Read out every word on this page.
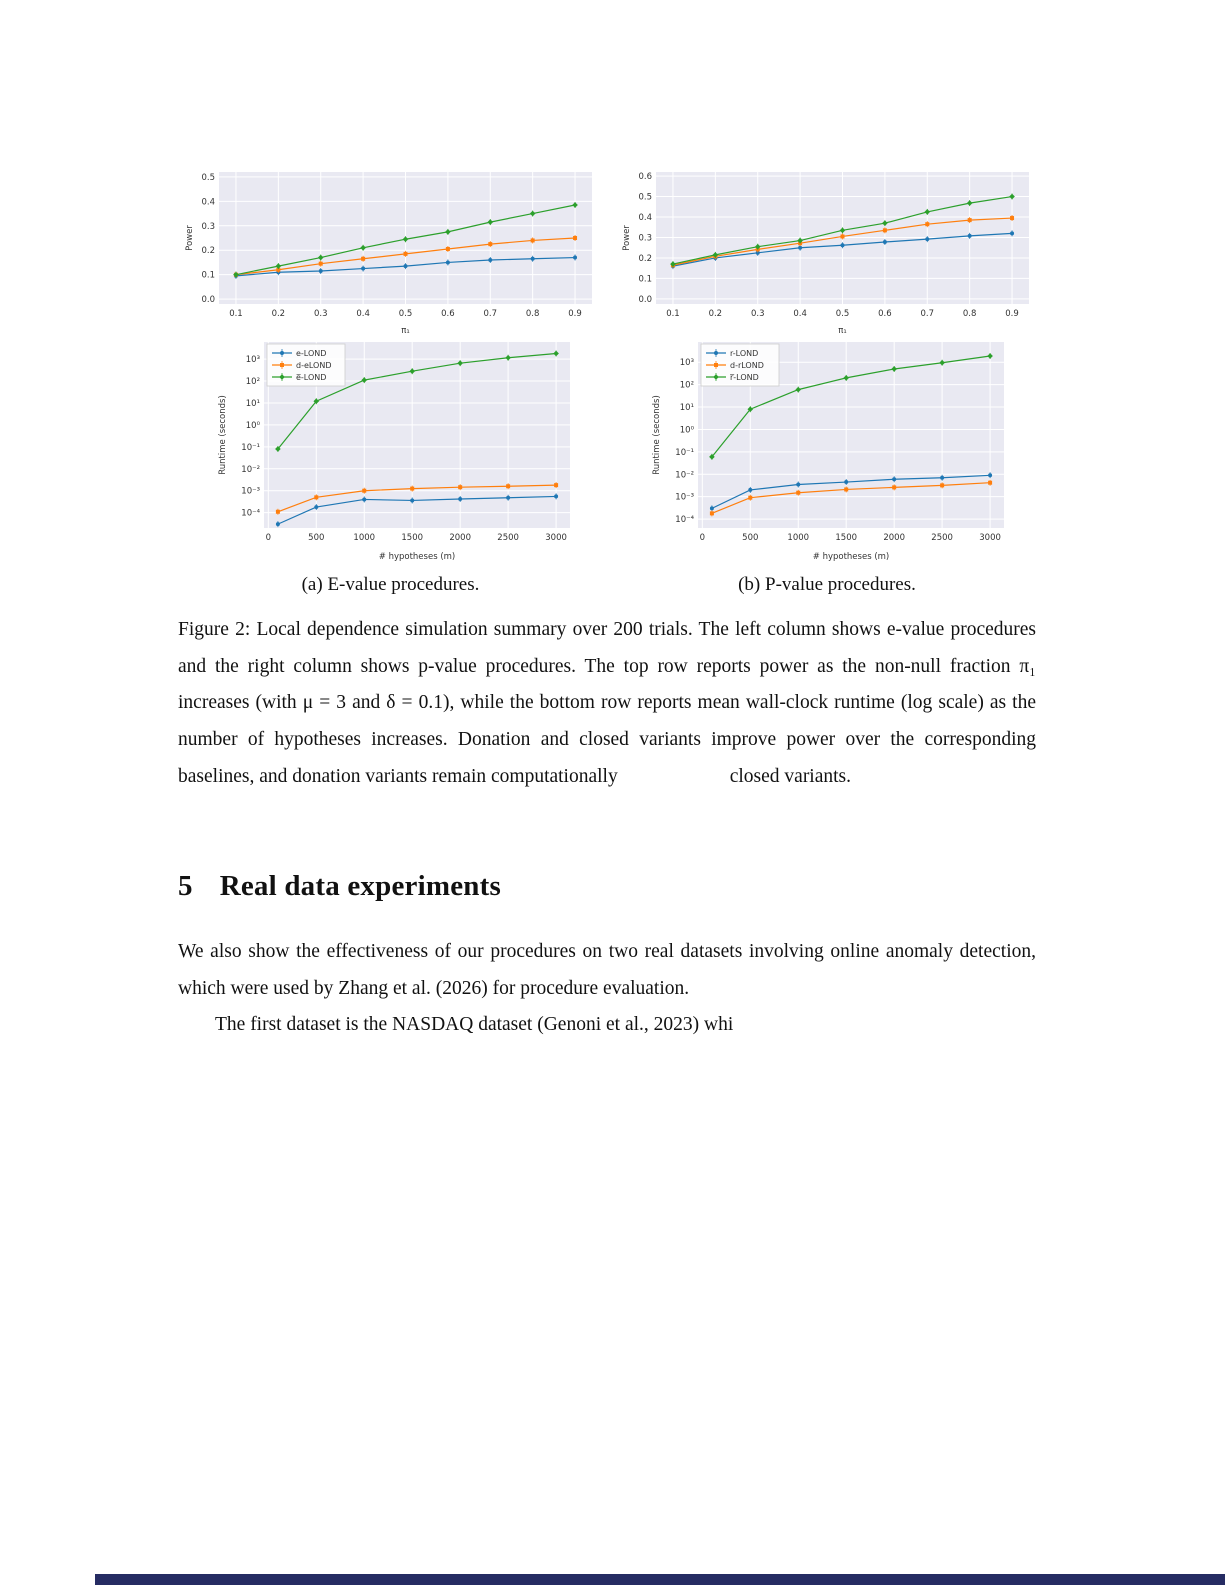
0.1	0.2	0.3	0.4	0.5	0.6	0.7	0.8	0.9
0.0
0.1
0.2
0.3
0.4
0.5
π₁
Power
0.1	0.2	0.3	0.4	0.5	0.6	0.7	0.8	0.9
0.0
0.1
0.2
0.3
0.4
0.5
0.6
π₁
Power
0	500	1000	1500	2000	2500	3000
10⁻⁴
10⁻³
10⁻²
10⁻¹
10⁰
10¹
10²
10³
# hypotheses (m)
Runtime (seconds)
e-LOND
d-eLOND
e̅-LOND
0	500	1000	1500	2000	2500	3000
10⁻⁴
10⁻³
10⁻²
10⁻¹
10⁰
10¹
10²
10³
# hypotheses (m)
Runtime (seconds)
r-LOND
d-rLOND
r̅-LOND
(a) E-value procedures.	(b) P-value procedures.

Figure 2: Local dependence simulation summary over 200 trials. The left column shows e-value procedures and the right column shows p-value procedures. The top row reports power as the non-null fraction π₁ increases (with μ = 3 and δ = 0.1), while the bottom row reports mean wall-clock runtime (log scale) as the number of hypotheses increases. Donation and closed variants improve power over the corresponding baselines, and donation variants remain computationally	closed variants.

5 Real data experiments

We also show the effectiveness of our procedures on two real datasets involving online anomaly detection, which were used by Zhang et al. (2026) for procedure evaluation.

The first dataset is the NASDAQ dataset (Genoni et al., 2023) whi
